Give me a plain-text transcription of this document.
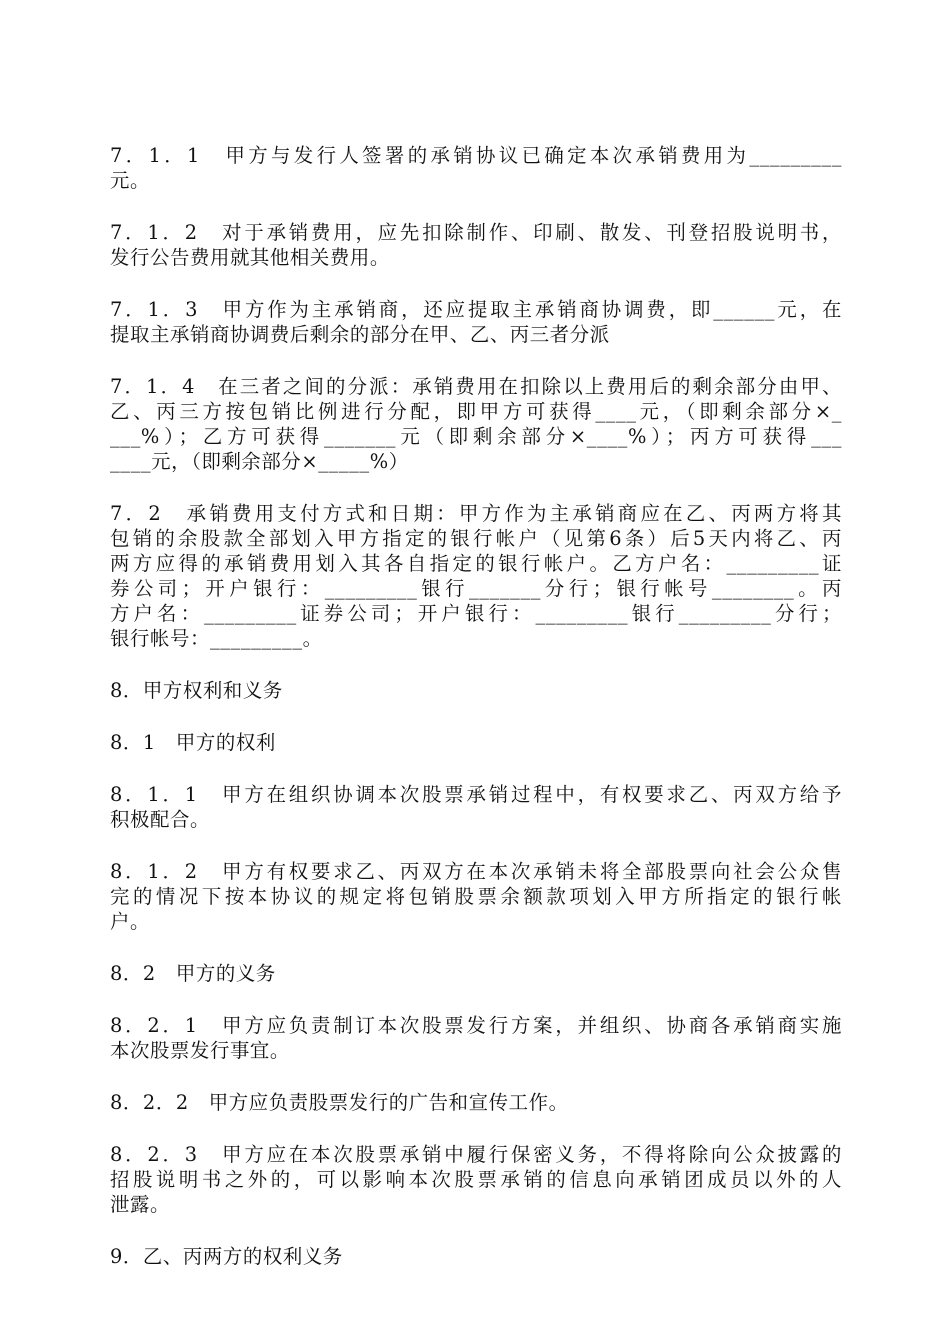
7．1．1　甲方与发行人签署的承销协议已确定本次承销费用为_________
元。
7．1．2　对于承销费用，应先扣除制作、印刷、散发、刊登招股说明书，
发行公告费用就其他相关费用。
7．1．3　甲方作为主承销商，还应提取主承销商协调费，即______元，在
提取主承销商协调费后剩余的部分在甲、乙、丙三者分派
7．1．4　在三者之间的分派：承销费用在扣除以上费用后的剩余部分由甲、
乙、丙三方按包销比例进行分配，即甲方可获得____元，（即剩余部分×_
___%）；乙方可获得_______元（即剩余部分×____%）；丙方可获得___
____元，（即剩余部分×_____%）
7．2　承销费用支付方式和日期：甲方作为主承销商应在乙、丙两方将其
包销的余股款全部划入甲方指定的银行帐户（见第6条）后5天内将乙、丙
两方应得的承销费用划入其各自指定的银行帐户。乙方户名：_________证
券公司；开户银行：_________银行_______分行；银行帐号________。丙
方户名：_________证券公司；开户银行：_________银行_________分行；
银行帐号：_________。
8．甲方权利和义务
8．1　甲方的权利
8．1．1　甲方在组织协调本次股票承销过程中，有权要求乙、丙双方给予
积极配合。
8．1．2　甲方有权要求乙、丙双方在本次承销未将全部股票向社会公众售
完的情况下按本协议的规定将包销股票余额款项划入甲方所指定的银行帐
户。
8．2　甲方的义务
8．2．1　甲方应负责制订本次股票发行方案，并组织、协商各承销商实施
本次股票发行事宜。
8．2．2　甲方应负责股票发行的广告和宣传工作。
8．2．3　甲方应在本次股票承销中履行保密义务，不得将除向公众披露的
招股说明书之外的，可以影响本次股票承销的信息向承销团成员以外的人
泄露。
9．乙、丙两方的权利义务
